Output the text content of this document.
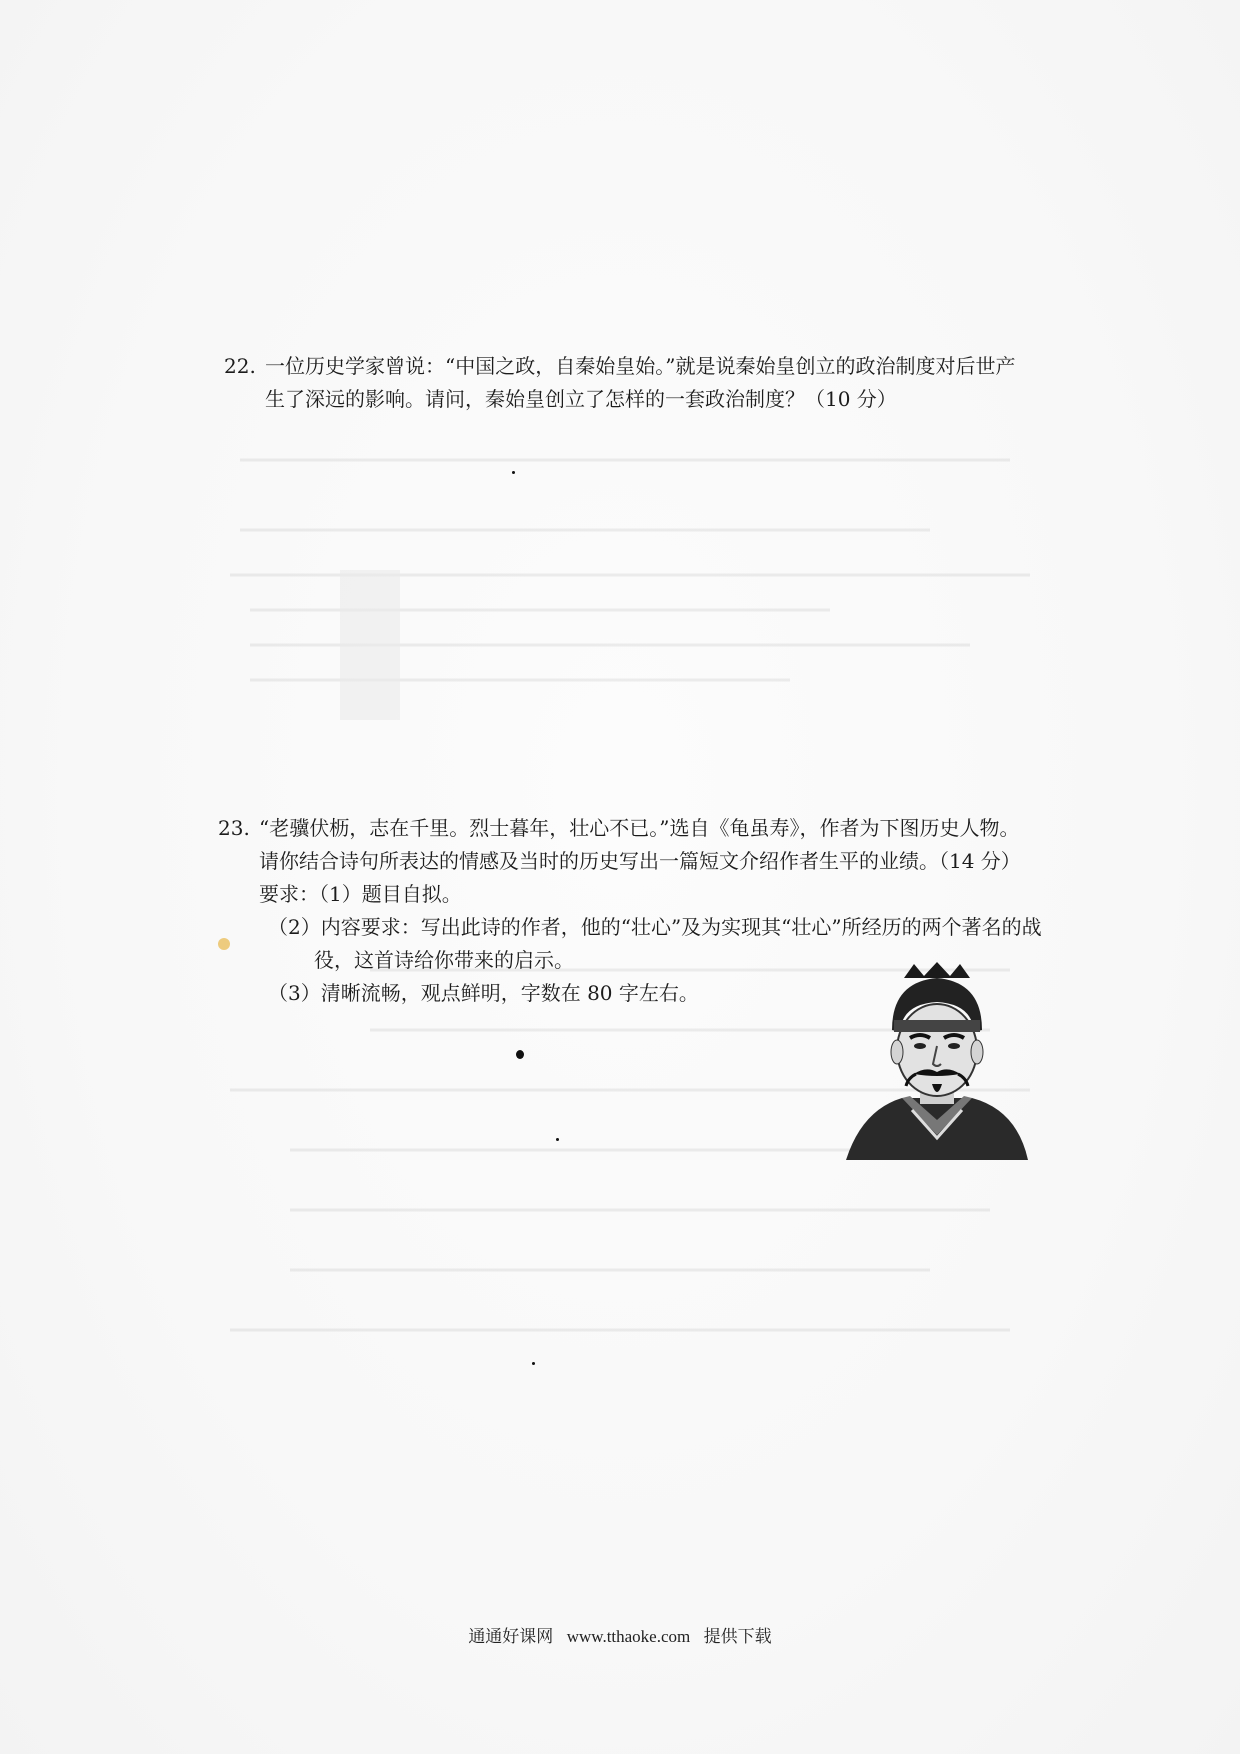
22. 一位历史学家曾说：“中国之政，自秦始皇始。”就是说秦始皇创立的政治制度对后世产
生了深远的影响。请问，秦始皇创立了怎样的一套政治制度？（10 分）
23. “老骥伏枥，志在千里。烈士暮年，壮心不已。”选自《龟虽寿》，作者为下图历史人物。
请你结合诗句所表达的情感及当时的历史写出一篇短文介绍作者生平的业绩。（14 分）
要求：（1）题目自拟。
（2）内容要求：写出此诗的作者，他的“壮心”及为实现其“壮心”所经历的两个著名的战
役，这首诗给你带来的启示。
（3）清晰流畅，观点鲜明，字数在 80 字左右。
通通好课网 www.tthaoke.com 提供下载
